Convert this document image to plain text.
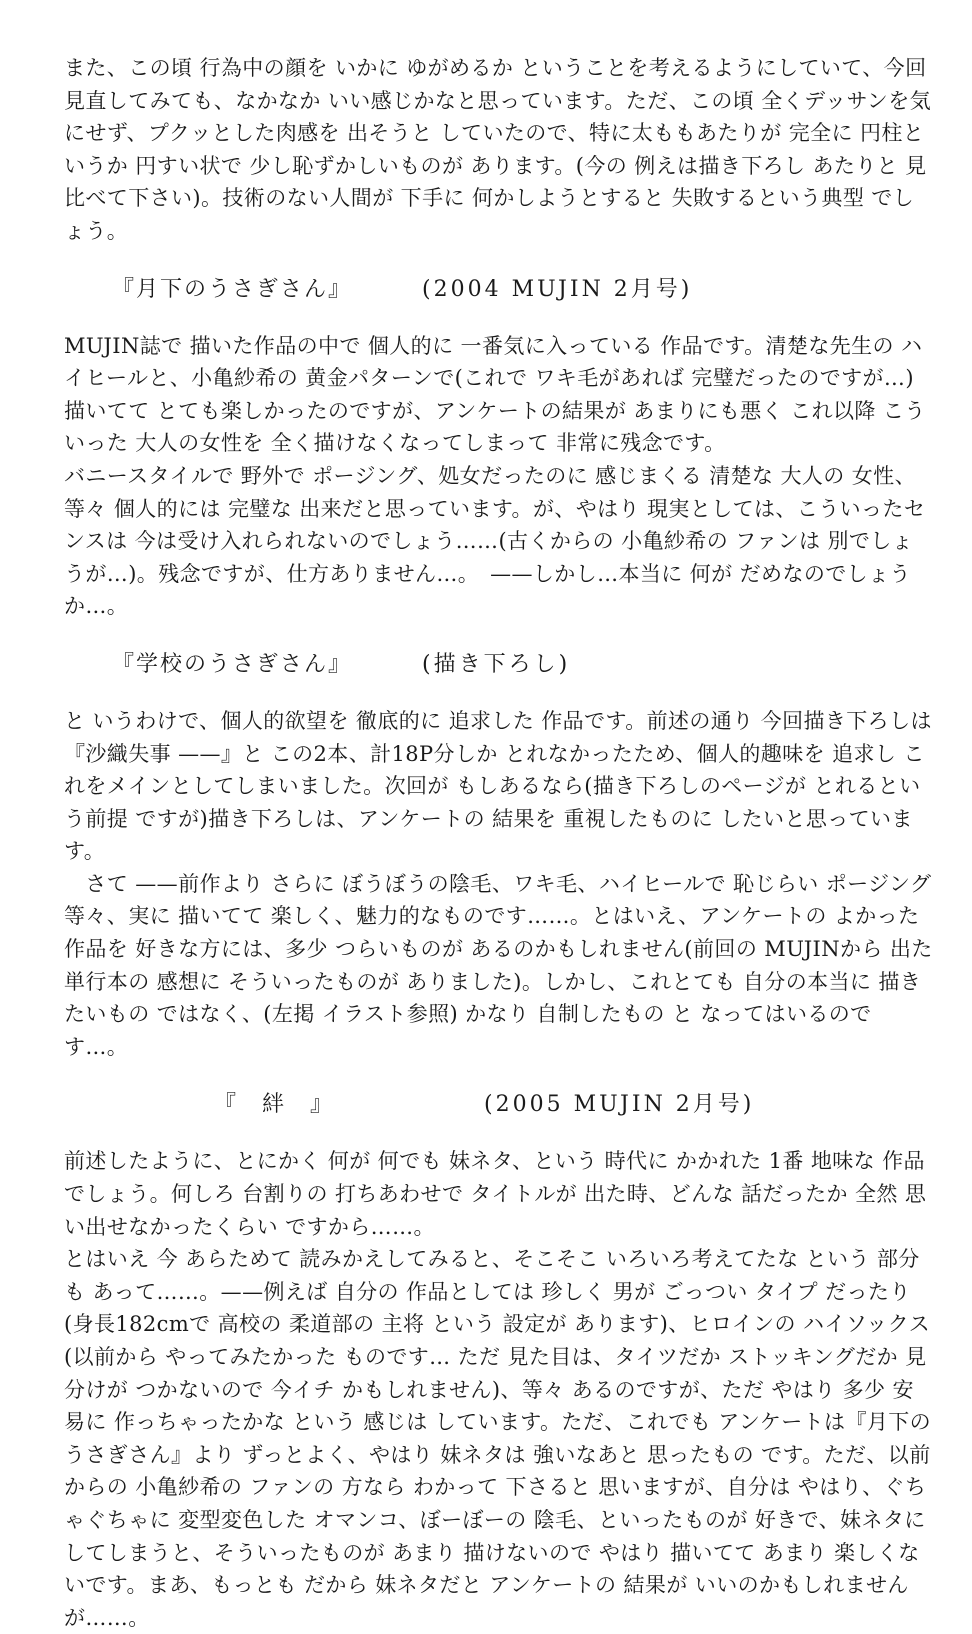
また、この頃 行為中の顔を いかに ゆがめるか ということを考えるようにしていて、今回見直してみても、なかなか いい感じかなと思っています。ただ、この頃 全くデッサンを気にせず、プクッとした肉感を 出そうと していたので、特に太ももあたりが 完全に 円柱というか 円すい状で 少し恥ずかしいものが あります。(今の 例えは描き下ろし あたりと 見比べて下さい)。技術のない人間が 下手に 何かしようとすると 失敗するという典型 でしょう。

『月下のうさぎさん』	(2004 MUJIN 2月号)

MUJIN誌で 描いた作品の中で 個人的に 一番気に入っている 作品です。清楚な先生の ハイヒールと、小亀紗希の 黄金パターンで(これで ワキ毛があれば 完璧だったのですが…) 描いてて とても楽しかったのですが、アンケートの結果が あまりにも悪く これ以降 こういった 大人の女性を 全く描けなくなってしまって 非常に残念です。
バニースタイルで 野外で ポージング、処女だったのに 感じまくる 清楚な 大人の 女性、等々 個人的には 完璧な 出来だと思っています。が、やはり 現実としては、こういったセンスは 今は受け入れられないのでしょう……(古くからの 小亀紗希の ファンは 別でしょうが…)。残念ですが、仕方ありません…。　——しかし…本当に 何が だめなのでしょうか…。

『学校のうさぎさん』	(描き下ろし)

と いうわけで、個人的欲望を 徹底的に 追求した 作品です。前述の通り 今回描き下ろしは『沙織失事 ——』と この2本、計18P分しか とれなかったため、個人的趣味を 追求し これをメインとしてしまいました。次回が もしあるなら(描き下ろしのページが とれるという前提 ですが)描き下ろしは、アンケートの 結果を 重視したものに したいと思っています。
　さて ——前作より さらに ぼうぼうの陰毛、ワキ毛、ハイヒールで 恥じらい ポージング 等々、実に 描いてて 楽しく、魅力的なものです……。とはいえ、アンケートの よかった 作品を 好きな方には、多少 つらいものが あるのかもしれません(前回の MUJINから 出た単行本の 感想に そういったものが ありました)。しかし、これとても 自分の本当に 描きたいもの ではなく、(左掲 イラスト参照) かなり 自制したもの と なってはいるのです…。

『　絆　』	(2005 MUJIN 2月号)

前述したように、とにかく 何が 何でも 妹ネタ、という 時代に かかれた 1番 地味な 作品でしょう。何しろ 台割りの 打ちあわせで タイトルが 出た時、どんな 話だったか 全然 思い出せなかったくらい ですから……。
とはいえ 今 あらためて 読みかえしてみると、そこそこ いろいろ考えてたな という 部分も あって……。——例えば 自分の 作品としては 珍しく 男が ごっつい タイプ だったり(身長182cmで 高校の 柔道部の 主将 という 設定が あります)、ヒロインの ハイソックス(以前から やってみたかった ものです… ただ 見た目は、タイツだか ストッキングだか 見分けが つかないので 今イチ かもしれません)、等々 あるのですが、ただ やはり 多少 安易に 作っちゃったかな という 感じは しています。ただ、これでも アンケートは『月下のうさぎさん』より ずっとよく、やはり 妹ネタは 強いなあと 思ったもの です。ただ、以前からの 小亀紗希の ファンの 方なら わかって 下さると 思いますが、自分は やはり、ぐちゃぐちゃに 変型変色した オマンコ、ぼーぼーの 陰毛、といったものが 好きで、妹ネタにしてしまうと、そういったものが あまり 描けないので やはり 描いてて あまり 楽しくないです。まあ、もっとも だから 妹ネタだと アンケートの 結果が いいのかもしれませんが……。
